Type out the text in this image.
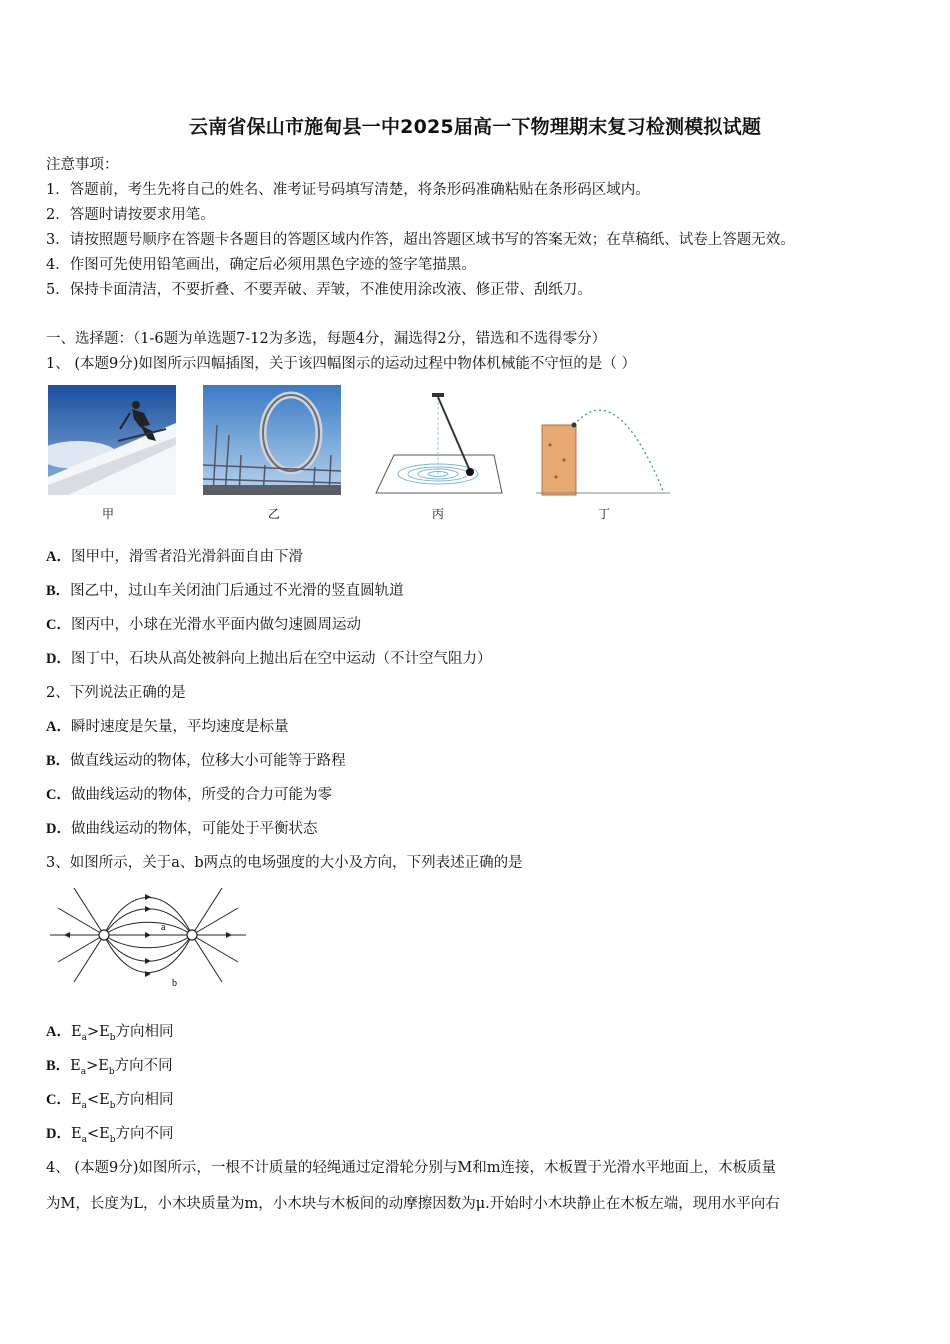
云南省保山市施甸县一中2025届高一下物理期末复习检测模拟试题
注意事项：
1．答题前，考生先将自己的姓名、准考证号码填写清楚，将条形码准确粘贴在条形码区域内。
2．答题时请按要求用笔。
3．请按照题号顺序在答题卡各题目的答题区域内作答，超出答题区域书写的答案无效；在草稿纸、试卷上答题无效。
4．作图可先使用铅笔画出，确定后必须用黑色字迹的签字笔描黑。
5．保持卡面清洁，不要折叠、不要弄破、弄皱，不准使用涂改液、修正带、刮纸刀。
一、选择题：（1-6题为单选题7-12为多选，每题4分，漏选得2分，错选和不选得零分）
1、 (本题9分)如图所示四幅插图，关于该四幅图示的运动过程中物体机械能不守恒的是（ ）
甲	乙	丙	丁
A．图甲中，滑雪者沿光滑斜面自由下滑
B．图乙中，过山车关闭油门后通过不光滑的竖直圆轨道
C．图丙中，小球在光滑水平面内做匀速圆周运动
D．图丁中，石块从高处被斜向上抛出后在空中运动（不计空气阻力）
2、下列说法正确的是
A．瞬时速度是矢量，平均速度是标量
B．做直线运动的物体，位移大小可能等于路程
C．做曲线运动的物体，所受的合力可能为零
D．做曲线运动的物体，可能处于平衡状态
3、如图所示，关于a、b两点的电场强度的大小及方向，下列表述正确的是
a
b
A．$E_a>E_b$方向相同
B．$E_a>E_b$方向不同
C．$E_a<E_b$方向相同
D．$E_a<E_b$方向不同
4、 (本题9分)如图所示，一根不计质量的轻绳通过定滑轮分别与M和m连接，木板置于光滑水平地面上，木板质量
为M，长度为L，小木块质量为m，小木块与木板间的动摩擦因数为μ.开始时小木块静止在木板左端，现用水平向右
